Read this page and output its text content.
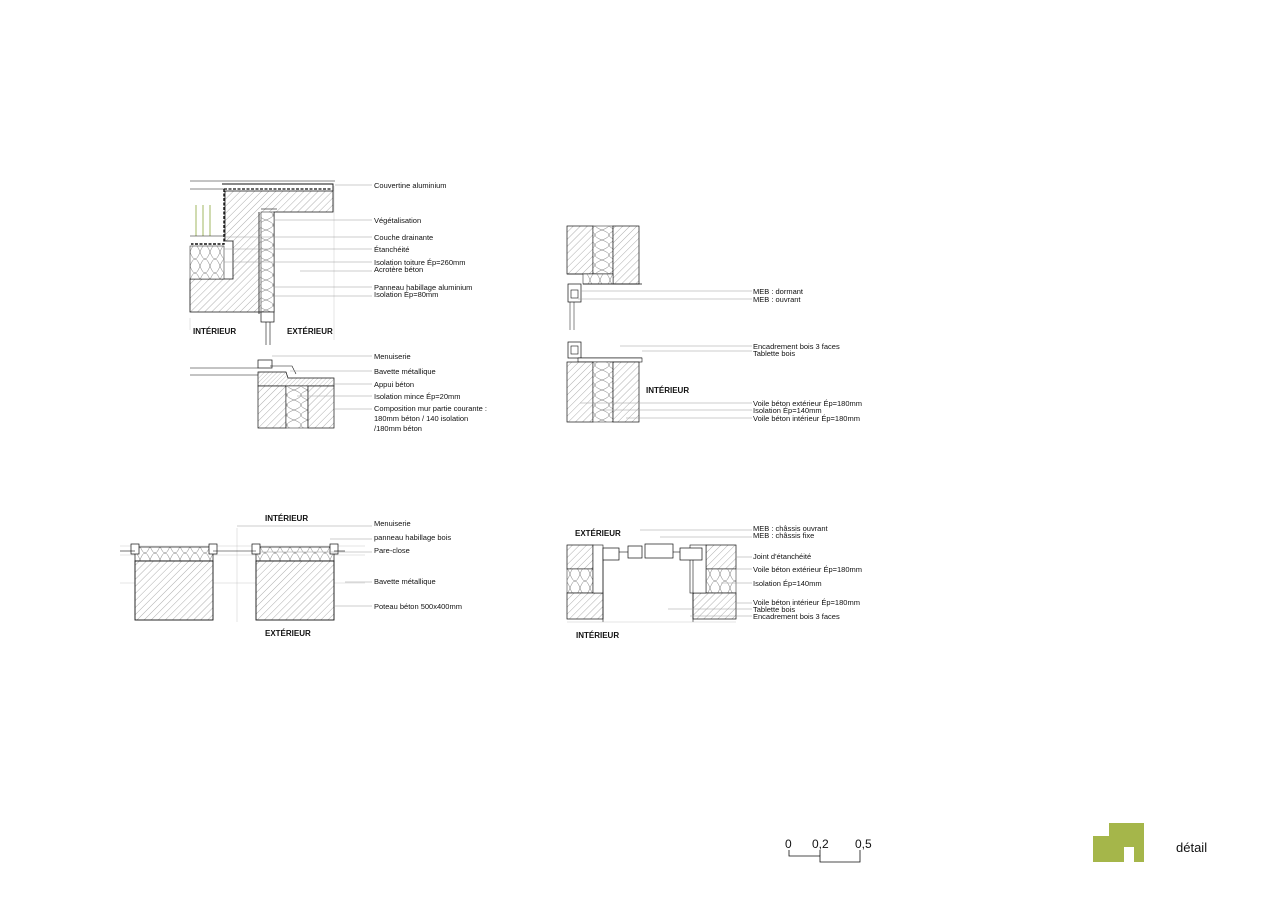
INTÉRIEUR	EXTÉRIEUR
Couvertine aluminium
Végétalisation
Couche drainante
Étanchéité
Isolation toiture Ép=260mm
Acrotère béton
Panneau habillage aluminium
Isolation Ép=80mm
Menuiserie
Bavette métallique
Appui béton
Isolation mince Ép=20mm
Composition mur partie courante :
180mm béton / 140 isolation
/180mm béton
INTÉRIEUR
MEB : dormant
MEB : ouvrant
Encadrement bois 3 faces
Tablette bois
Voile béton extérieur Ép=180mm
Isolation Ép=140mm
Voile béton intérieur Ép=180mm
INTÉRIEUR
EXTÉRIEUR
Menuiserie
panneau habillage bois
Pare-close
Bavette métallique
Poteau béton 500x400mm
EXTÉRIEUR
INTÉRIEUR
MEB : châssis ouvrant
MEB : châssis fixe
Joint d'étanchéité
Voile béton extérieur Ép=180mm
Isolation Ép=140mm
Voile béton intérieur Ép=180mm
Tablette bois
Encadrement bois 3 faces
0 0,2 0,5	détail
